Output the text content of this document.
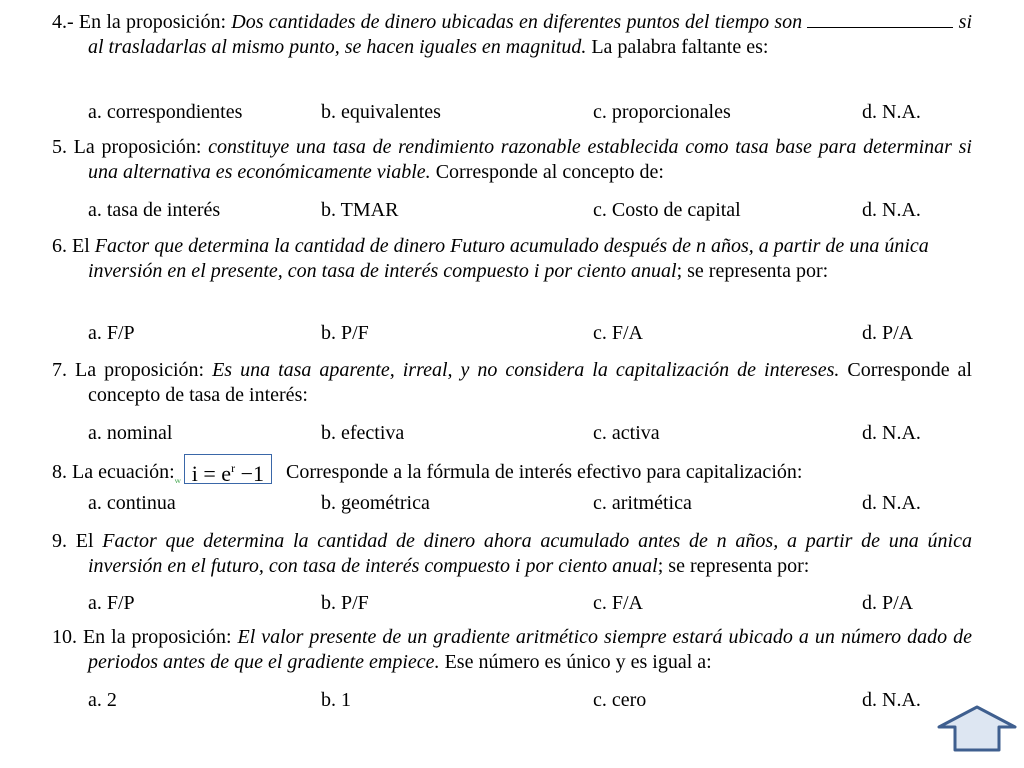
4.- En la proposición: Dos cantidades de dinero ubicadas en diferentes puntos del tiempo son	si al trasladarlas al mismo punto, se hacen iguales en magnitud. La palabra faltante es:

a. correspondientes	b. equivalentes	c. proporcionales	d. N.A.

5. La proposición: constituye una tasa de rendimiento razonable establecida como tasa base para determinar si una alternativa es económicamente viable. Corresponde al concepto de:

a. tasa de interés	b. TMAR	c. Costo de capital	d. N.A.

6. El Factor que determina la cantidad de dinero Futuro acumulado después de n años, a partir de una única inversión en el presente, con tasa de interés compuesto i por ciento anual; se representa por:

a. F/P	b. P/F	c. F/A	d. P/A

7. La proposición: Es una tasa aparente, irreal, y no considera la capitalización de intereses. Corresponde al concepto de tasa de interés:

a. nominal	b. efectiva	c. activa	d. N.A.

8. La $ecuación:_{ᵥᵥ}$ $i = e^r -1$ Corresponde a la fórmula de interés efectivo para capitalización:

a. continua	b. geométrica	c. aritmética	d. N.A.

9. El Factor que determina la cantidad de dinero ahora acumulado antes de n años, a partir de una única inversión en el futuro, con tasa de interés compuesto i por ciento anual; se representa por:

a. F/P	b. P/F	c. F/A	d. P/A

10. En la proposición: El valor presente de un gradiente aritmético siempre estará ubicado a un número dado de periodos antes de que el gradiente empiece. Ese número es único y es igual a:

a. 2	b. 1	c. cero	d. N.A.
